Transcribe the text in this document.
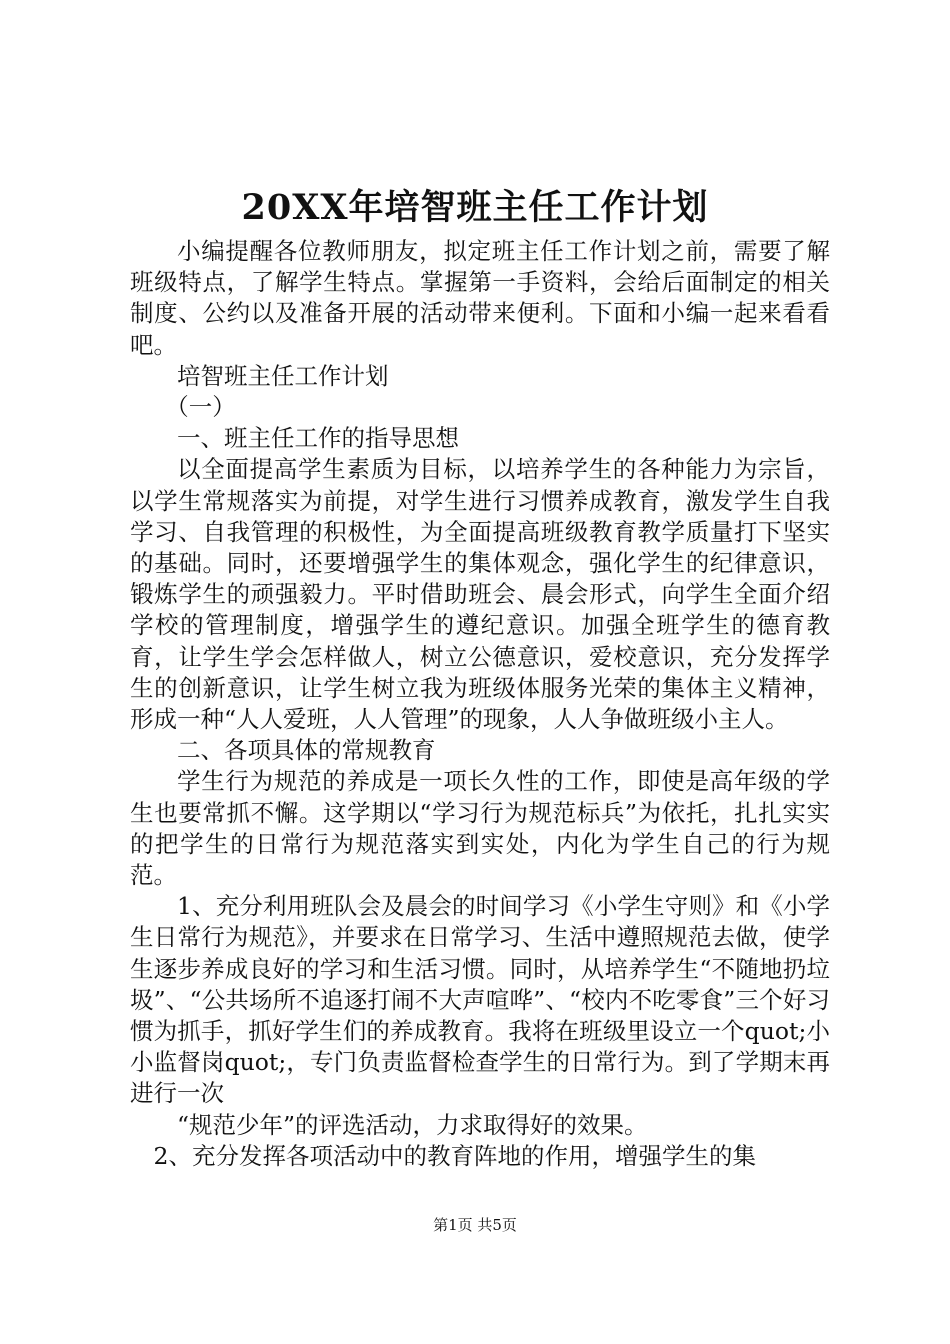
20XX年培智班主任工作计划

小编提醒各位教师朋友，拟定班主任工作计划之前，需要了解班级特点，了解学生特点。掌握第一手资料，会给后面制定的相关制度、公约以及准备开展的活动带来便利。下面和小编一起来看看吧。

培智班主任工作计划

（一）

一、班主任工作的指导思想

以全面提高学生素质为目标，以培养学生的各种能力为宗旨，以学生常规落实为前提，对学生进行习惯养成教育，激发学生自我学习、自我管理的积极性，为全面提高班级教育教学质量打下坚实的基础。同时，还要增强学生的集体观念，强化学生的纪律意识，锻炼学生的顽强毅力。平时借助班会、晨会形式，向学生全面介绍学校的管理制度，增强学生的遵纪意识。加强全班学生的德育教育，让学生学会怎样做人，树立公德意识，爱校意识，充分发挥学生的创新意识，让学生树立我为班级体服务光荣的集体主义精神，形成一种“人人爱班，人人管理”的现象，人人争做班级小主人。

二、各项具体的常规教育

学生行为规范的养成是一项长久性的工作，即使是高年级的学生也要常抓不懈。这学期以“学习行为规范标兵”为依托，扎扎实实的把学生的日常行为规范落实到实处，内化为学生自己的行为规范。

1、充分利用班队会及晨会的时间学习《小学生守则》和《小学生日常行为规范》，并要求在日常学习、生活中遵照规范去做，使学生逐步养成良好的学习和生活习惯。同时，从培养学生“不随地扔垃圾”、“公共场所不追逐打闹不大声喧哗”、“校内不吃零食”三个好习惯为抓手，抓好学生们的养成教育。我将在班级里设立一个quot;小小监督岗quot;，专门负责监督检查学生的日常行为。到了学期末再进行一次

“规范少年”的评选活动，力求取得好的效果。

2、充分发挥各项活动中的教育阵地的作用，增强学生的集

第1页 共5页
